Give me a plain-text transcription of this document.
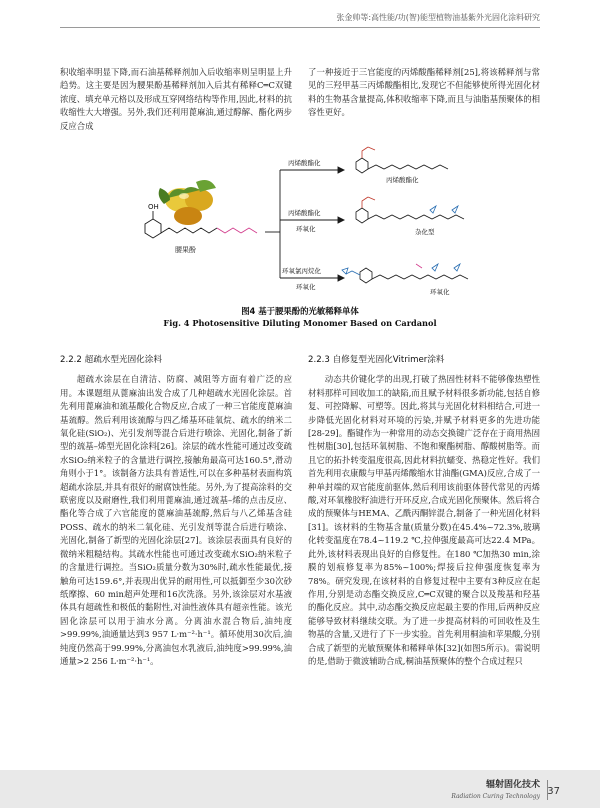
张金帅等:高性能/功(智)能型植物油基紫外光固化涂料研究

积收缩率明显下降,而石油基稀释剂加入后收缩率则呈明显上升趋势。这主要是因为腰果酚基稀释剂加入后其有稀释C═C双键浓度、填充单元格以及形成互穿网络结构等作用,因此,材料的抗收缩性大大增强。另外,我们还利用蓖麻油,通过醇解、酯化两步反应合成

了一种接近于三官能度的丙烯酸酯稀释剂[25],将该稀释剂与常见的三羟甲基三丙烯酸酯相比,发现它不但能够使所得光固化材料的生物基含量提高,体积收缩率下降,而且与油脂基预聚体的相容性更好。

OH
腰果酚
丙烯酸酯化
丙烯酸酯化
环氧化
环氧氯丙烷化
环氧化
丙烯酸酯化
杂化型
环氧化
图4 基于腰果酚的光敏稀释单体
Fig. 4 Photosensitive Diluting Monomer Based on Cardanol
2.2.2 超疏水型光固化涂料

超疏水涂层在自清洁、防腐、减阻等方面有着广泛的应用。本课题组从蓖麻油出发合成了几种超疏水光固化涂层。首先利用蓖麻油和巯基酸化合物反应,合成了一种三官能度蓖麻油基巯醇。然后利用该巯醇与四乙烯基环硅氧烷、疏水的纳米二氧化硅(SiO₂)、光引发剂等混合后进行喷涂、光固化,制备了新型的巯基–烯型光固化涂料[26]。涂层的疏水性能可通过改变疏水SiO₂纳米粒子的含量进行调控,接触角最高可达160.5°,滑动角则小于1°。该制备方法具有普适性,可以在多种基材表面构筑超疏水涂层,并具有很好的耐腐蚀性能。另外,为了提高涂料的交联密度以及耐磨性,我们利用蓖麻油,通过巯基–烯的点击反应、酯化等合成了六官能度的蓖麻油基巯醇,然后与八乙烯基含硅POSS、疏水的纳米二氧化硅、光引发剂等混合后进行喷涂、光固化,制备了新型的光固化涂层[27]。该涂层表面具有良好的微纳米粗糙结构。其疏水性能也可通过改变疏水SiO₂纳米粒子的含量进行调控。当SiO₂质量分数为30%时,疏水性能最优,接触角可达159.6°,并表现出优异的耐用性,可以抵御至少30次砂纸摩擦、60 min超声处理和16次洗涤。另外,该涂层对水基液体具有超疏性和极低的黏附性,对油性液体具有超亲性能。该光固化涂层可以用于油水分离。分离油水混合物后,油纯度>99.99%,油通量达到3 957 L·m⁻²·h⁻¹。循环使用30次后,油纯度仍然高于99.99%,分离油包水乳液后,油纯度>99.99%,油通量>2 256 L·m⁻²·h⁻¹。

2.2.3 自修复型光固化Vitrimer涂料

动态共价键化学的出现,打破了热固性材料不能够像热塑性材料那样可回收加工的缺陷,而且赋予材料很多新功能,包括自修复、可控降解、可塑等。因此,将其与光固化材料相结合,可进一步降低光固化材料对环境的污染,并赋予材料更多的先进功能[28-29]。酯键作为一种常用的动态交换键广泛存在于商用热固性树脂[30],包括环氧树脂、不饱和聚酯树脂、醇酸树脂等。而且它的拓扑转变温度很高,因此材料抗蠕变、热稳定性好。我们首先利用衣康酸与甲基丙烯酸缩水甘油酯(GMA)反应,合成了一种单封端的双官能度前驱体,然后利用该前驱体替代常见的丙烯酸,对环氧橡胶籽油进行开环反应,合成光固化预聚体。然后将合成的预聚体与HEMA、乙酰丙酮锌混合,制备了一种光固化材料[31]。该材料的生物基含量(质量分数)在45.4%~72.3%,玻璃化转变温度在78.4~119.2 ℃,拉伸强度最高可达22.4 MPa。此外,该材料表现出良好的自修复性。在180 ℃加热30 min,涂膜的划痕修复率为85%~100%;焊接后拉伸强度恢复率为78%。研究发现,在该材料的自修复过程中主要有3种反应在起作用,分别是动态酯交换反应,C═C双键的聚合以及羧基和羟基的酯化反应。其中,动态酯交换反应起最主要的作用,后两种反应能够导致材料继续交联。为了进一步提高材料的可回收性及生物基的含量,又进行了下一步实验。首先利用桐油和苹果酸,分别合成了新型的光敏预聚体和稀释单体[32](如图5所示)。需说明的是,借助于微波辅助合成,桐油基预聚体的整个合成过程只

辐射固化技术
Radiation Curing Technology 37
